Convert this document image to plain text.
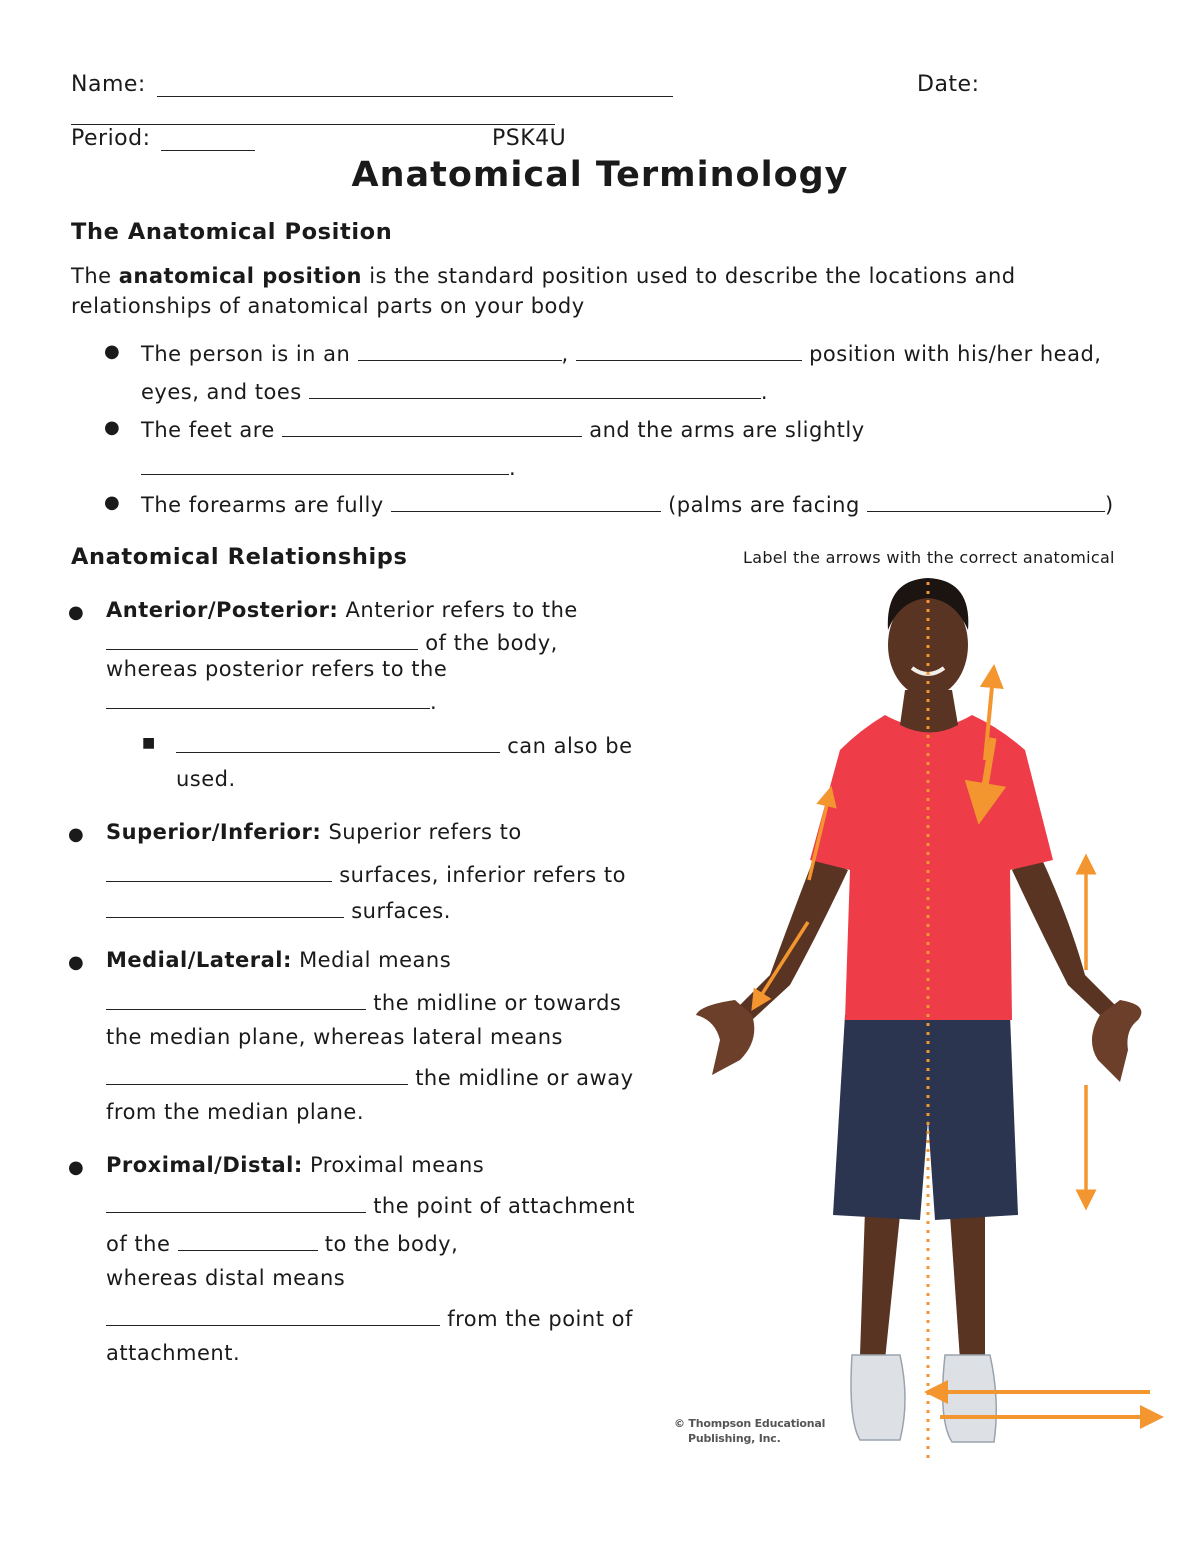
Name:	Date:
Period:	PSK4U
Anatomical Terminology
The Anatomical Position
The anatomical position is the standard position used to describe the locations and
relationships of anatomical parts on your body
● The person is in an	,	position with his/her head,
eyes, and toes	.
● The feet are	and the arms are slightly
.
● The forearms are fully	(palms are facing	)
Anatomical Relationships	Label the arrows with the correct anatomical
● Anterior/Posterior: Anterior refers to the
of the body,
whereas posterior refers to the
.
■	can also be
used.
● Superior/Inferior: Superior refers to
surfaces, inferior refers to
surfaces.
● Medial/Lateral: Medial means
the midline or towards
the median plane, whereas lateral means
the midline or away
from the median plane.
● Proximal/Distal: Proximal means
the point of attachment
of the	to the body,
whereas distal means
from the point of
attachment.
© Thompson Educational
Publishing, Inc.
